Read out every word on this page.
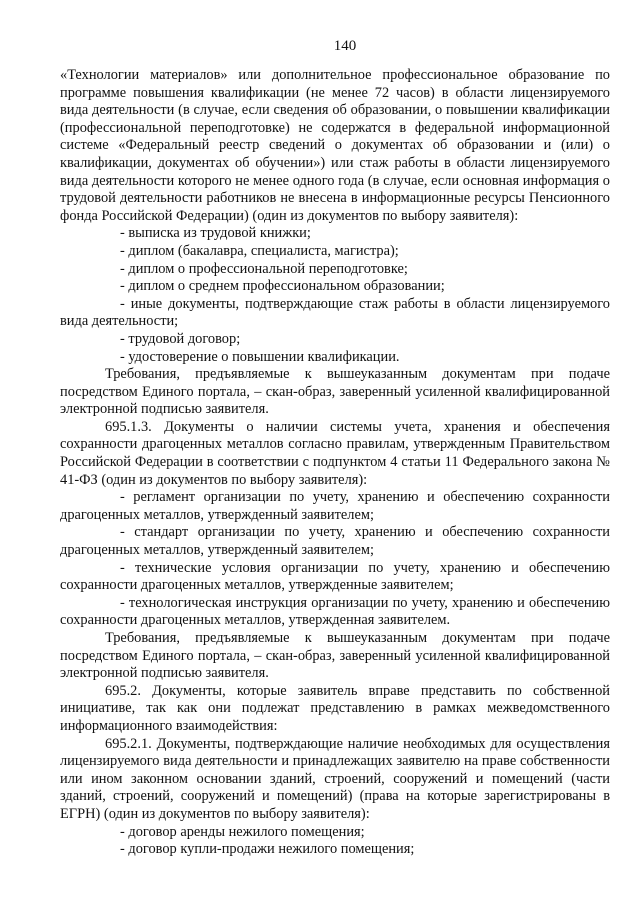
140

«Технологии материалов» или дополнительное профессиональное образование по программе повышения квалификации (не менее 72 часов) в области лицензируемого вида деятельности (в случае, если сведения об образовании, о повышении квалификации (профессиональной переподготовке) не содержатся в федеральной информационной системе «Федеральный реестр сведений о документах об образовании и (или) о квалификации, документах об обучении») или стаж работы в области лицензируемого вида деятельности которого не менее одного года (в случае, если основная информация о трудовой деятельности работников не внесена в информационные ресурсы Пенсионного фонда Российской Федерации) (один из документов по выбору заявителя):

- выписка из трудовой книжки;
- диплом (бакалавра, специалиста, магистра);
- диплом о профессиональной переподготовке;
- диплом о среднем профессиональном образовании;
- иные документы, подтверждающие стаж работы в области лицензируемого вида деятельности;
- трудовой договор;
- удостоверение о повышении квалификации.

Требования, предъявляемые к вышеуказанным документам при подаче посредством Единого портала, – скан-образ, заверенный усиленной квалифицированной электронной подписью заявителя.

695.1.3. Документы о наличии системы учета, хранения и обеспечения сохранности драгоценных металлов согласно правилам, утвержденным Правительством Российской Федерации в соответствии с подпунктом 4 статьи 11 Федерального закона № 41-ФЗ (один из документов по выбору заявителя):

- регламент организации по учету, хранению и обеспечению сохранности драгоценных металлов, утвержденный заявителем;
- стандарт организации по учету, хранению и обеспечению сохранности драгоценных металлов, утвержденный заявителем;
- технические условия организации по учету, хранению и обеспечению сохранности драгоценных металлов, утвержденные заявителем;
- технологическая инструкция организации по учету, хранению и обеспечению сохранности драгоценных металлов, утвержденная заявителем.

Требования, предъявляемые к вышеуказанным документам при подаче посредством Единого портала, – скан-образ, заверенный усиленной квалифицированной электронной подписью заявителя.

695.2. Документы, которые заявитель вправе представить по собственной инициативе, так как они подлежат представлению в рамках межведомственного информационного взаимодействия:

695.2.1. Документы, подтверждающие наличие необходимых для осуществления лицензируемого вида деятельности и принадлежащих заявителю на праве собственности или ином законном основании зданий, строений, сооружений и помещений (части зданий, строений, сооружений и помещений) (права на которые зарегистрированы в ЕГРН) (один из документов по выбору заявителя):

- договор аренды нежилого помещения;
- договор купли-продажи нежилого помещения;
